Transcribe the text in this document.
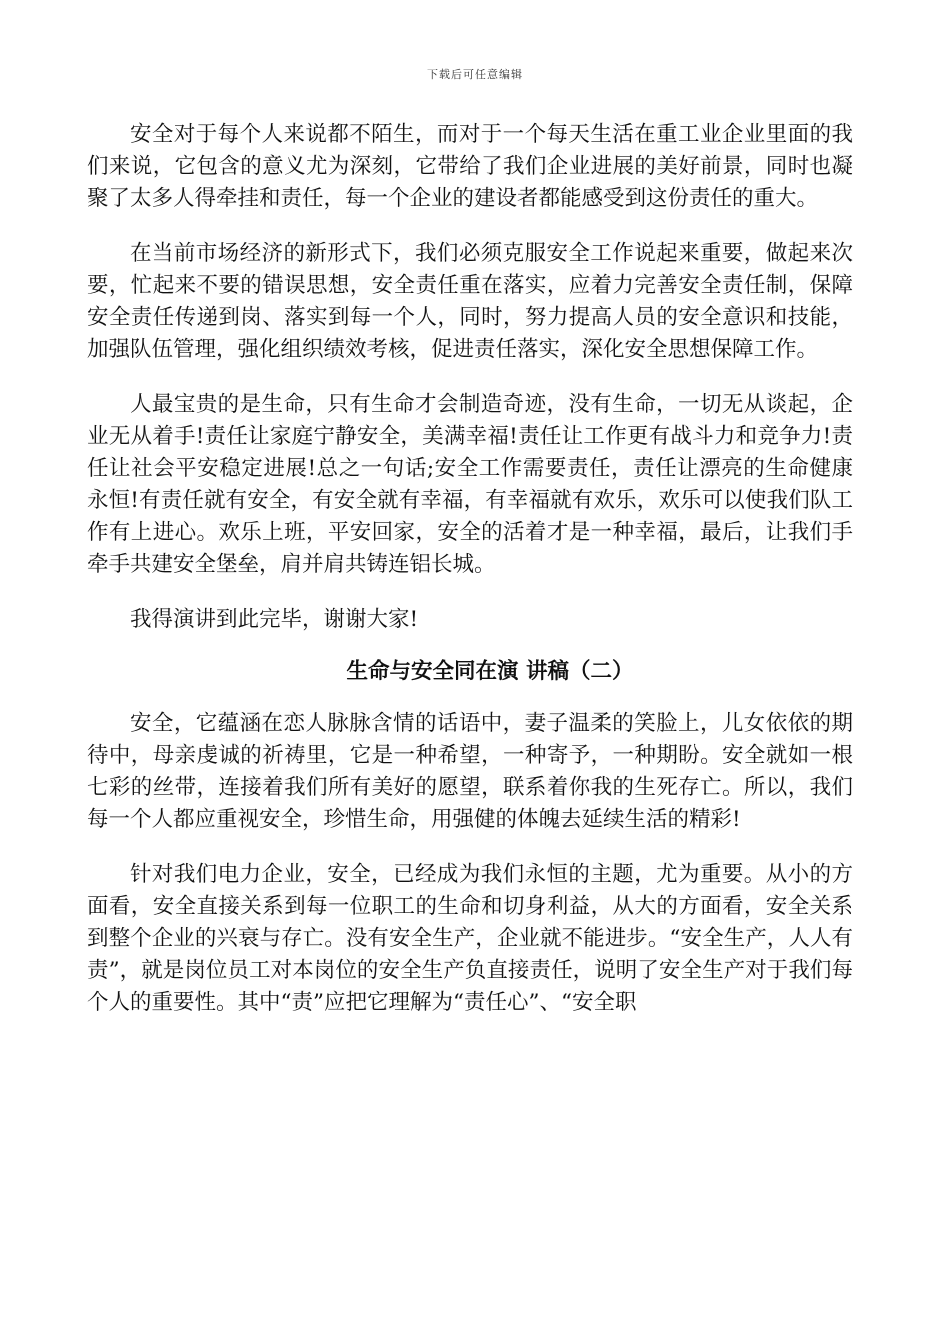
下载后可任意编辑

安全对于每个人来说都不陌生，而对于一个每天生活在重工业企业里面的我们来说，它包含的意义尤为深刻，它带给了我们企业进展的美好前景，同时也凝聚了太多人得牵挂和责任，每一个企业的建设者都能感受到这份责任的重大。

在当前市场经济的新形式下，我们必须克服安全工作说起来重要，做起来次要，忙起来不要的错误思想，安全责任重在落实，应着力完善安全责任制，保障安全责任传递到岗、落实到每一个人，同时，努力提高人员的安全意识和技能，加强队伍管理，强化组织绩效考核，促进责任落实，深化安全思想保障工作。

人最宝贵的是生命，只有生命才会制造奇迹，没有生命，一切无从谈起，企业无从着手!责任让家庭宁静安全，美满幸福!责任让工作更有战斗力和竞争力!责任让社会平安稳定进展!总之一句话;安全工作需要责任，责任让漂亮的生命健康永恒!有责任就有安全，有安全就有幸福，有幸福就有欢乐，欢乐可以使我们队工作有上进心。欢乐上班，平安回家，安全的活着才是一种幸福，最后，让我们手牵手共建安全堡垒，肩并肩共铸连铝长城。

我得演讲到此完毕，谢谢大家!

生命与安全同在演 讲稿（二）

安全，它蕴涵在恋人脉脉含情的话语中，妻子温柔的笑脸上，儿女依依的期待中，母亲虔诚的祈祷里，它是一种希望，一种寄予，一种期盼。安全就如一根七彩的丝带，连接着我们所有美好的愿望，联系着你我的生死存亡。所以，我们每一个人都应重视安全，珍惜生命，用强健的体魄去延续生活的精彩!

针对我们电力企业，安全，已经成为我们永恒的主题，尤为重要。从小的方面看，安全直接关系到每一位职工的生命和切身利益，从大的方面看，安全关系到整个企业的兴衰与存亡。没有安全生产，企业就不能进步。“安全生产，人人有责”，就是岗位员工对本岗位的安全生产负直接责任，说明了安全生产对于我们每个人的重要性。其中“责”应把它理解为“责任心”、“安全职
